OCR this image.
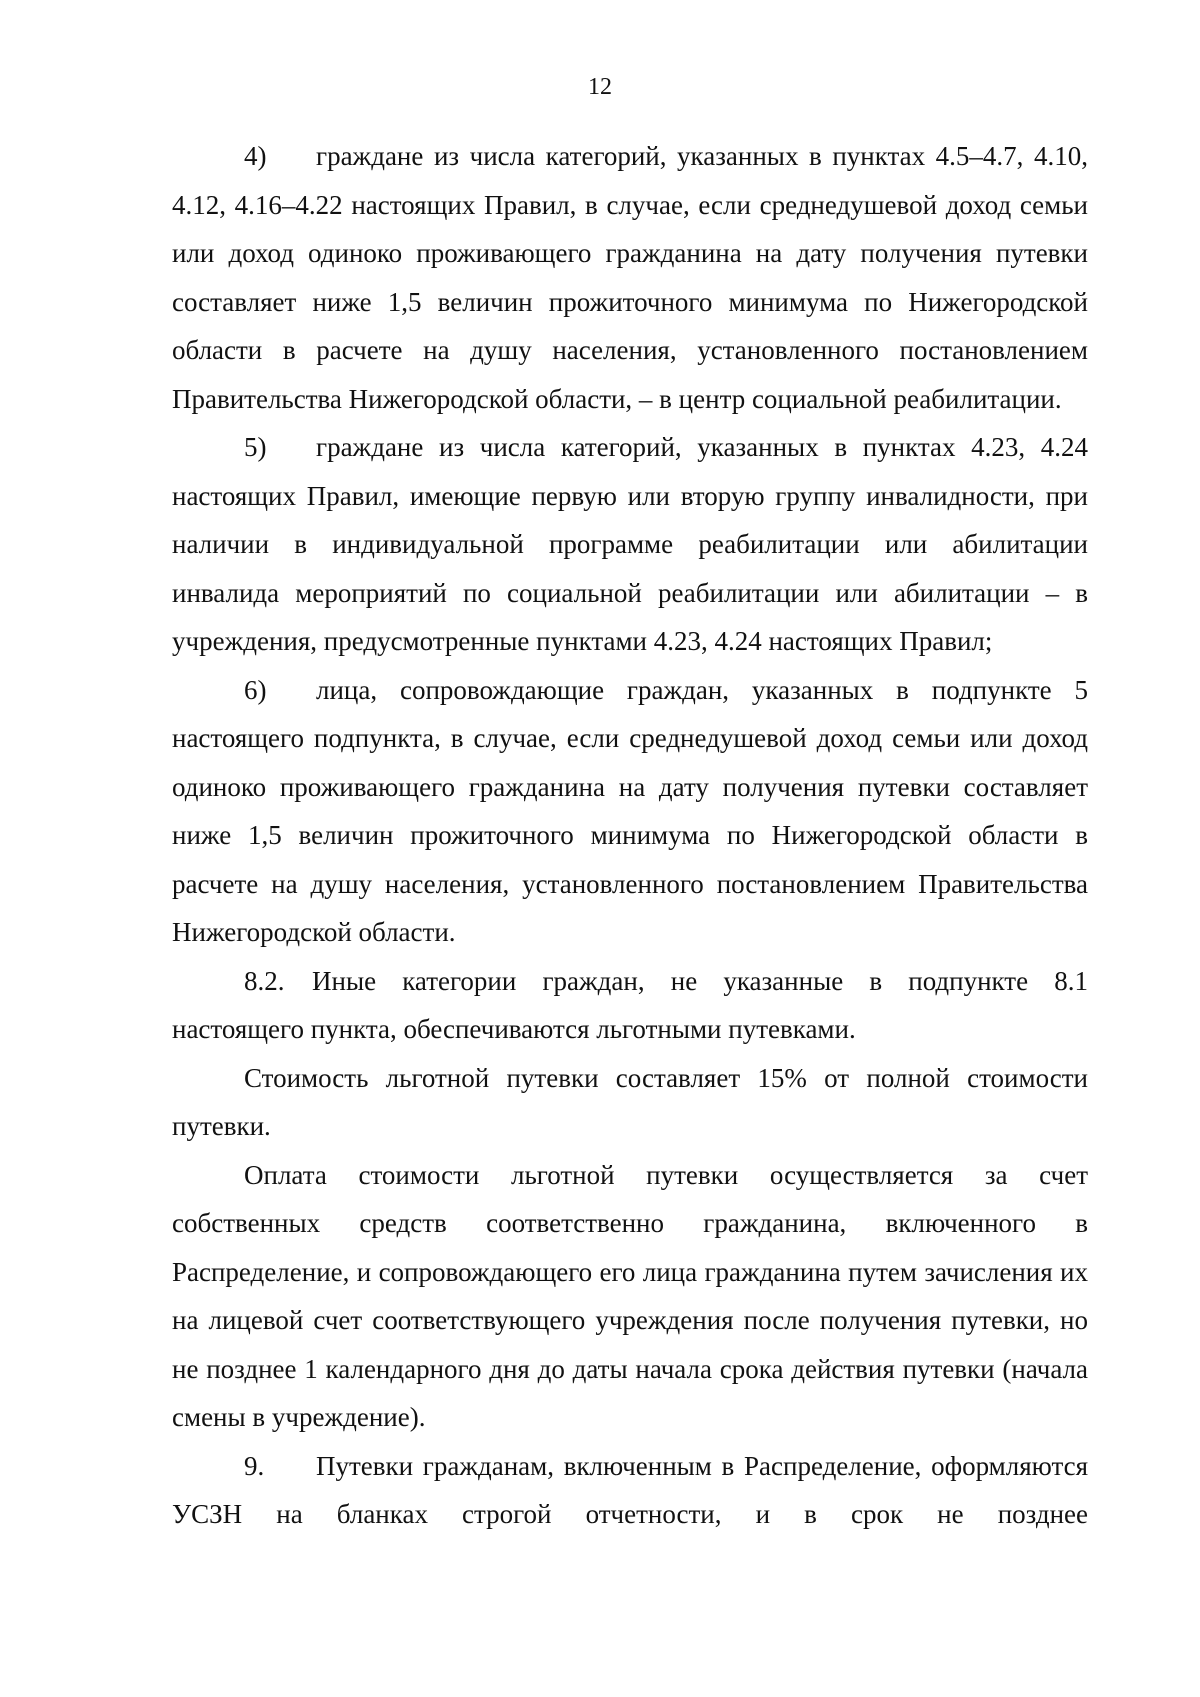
12

4) граждане из числа категорий, указанных в пунктах 4.5–4.7, 4.10, 4.12, 4.16–4.22 настоящих Правил, в случае, если среднедушевой доход семьи или доход одиноко проживающего гражданина на дату получения путевки составляет ниже 1,5 величин прожиточного минимума по Нижегородской области в расчете на душу населения, установленного постановлением Правительства Нижегородской области, – в центр социальной реабилитации.

5) граждане из числа категорий, указанных в пунктах 4.23, 4.24 настоящих Правил, имеющие первую или вторую группу инвалидности, при наличии в индивидуальной программе реабилитации или абилитации инвалида мероприятий по социальной реабилитации или абилитации – в учреждения, предусмотренные пунктами 4.23, 4.24 настоящих Правил;

6) лица, сопровождающие граждан, указанных в подпункте 5 настоящего подпункта, в случае, если среднедушевой доход семьи или доход одиноко проживающего гражданина на дату получения путевки составляет ниже 1,5 величин прожиточного минимума по Нижегородской области в расчете на душу населения, установленного постановлением Правительства Нижегородской области.

8.2. Иные категории граждан, не указанные в подпункте 8.1 настоящего пункта, обеспечиваются льготными путевками.

Стоимость льготной путевки составляет 15% от полной стоимости путевки.

Оплата стоимости льготной путевки осуществляется за счет собственных средств соответственно гражданина, включенного в Распределение, и сопровождающего его лица гражданина путем зачисления их на лицевой счет соответствующего учреждения после получения путевки, но не позднее 1 календарного дня до даты начала срока действия путевки (начала смены в учреждение).

9. Путевки гражданам, включенным в Распределение, оформляются УСЗН на бланках строгой отчетности, и в срок не позднее
